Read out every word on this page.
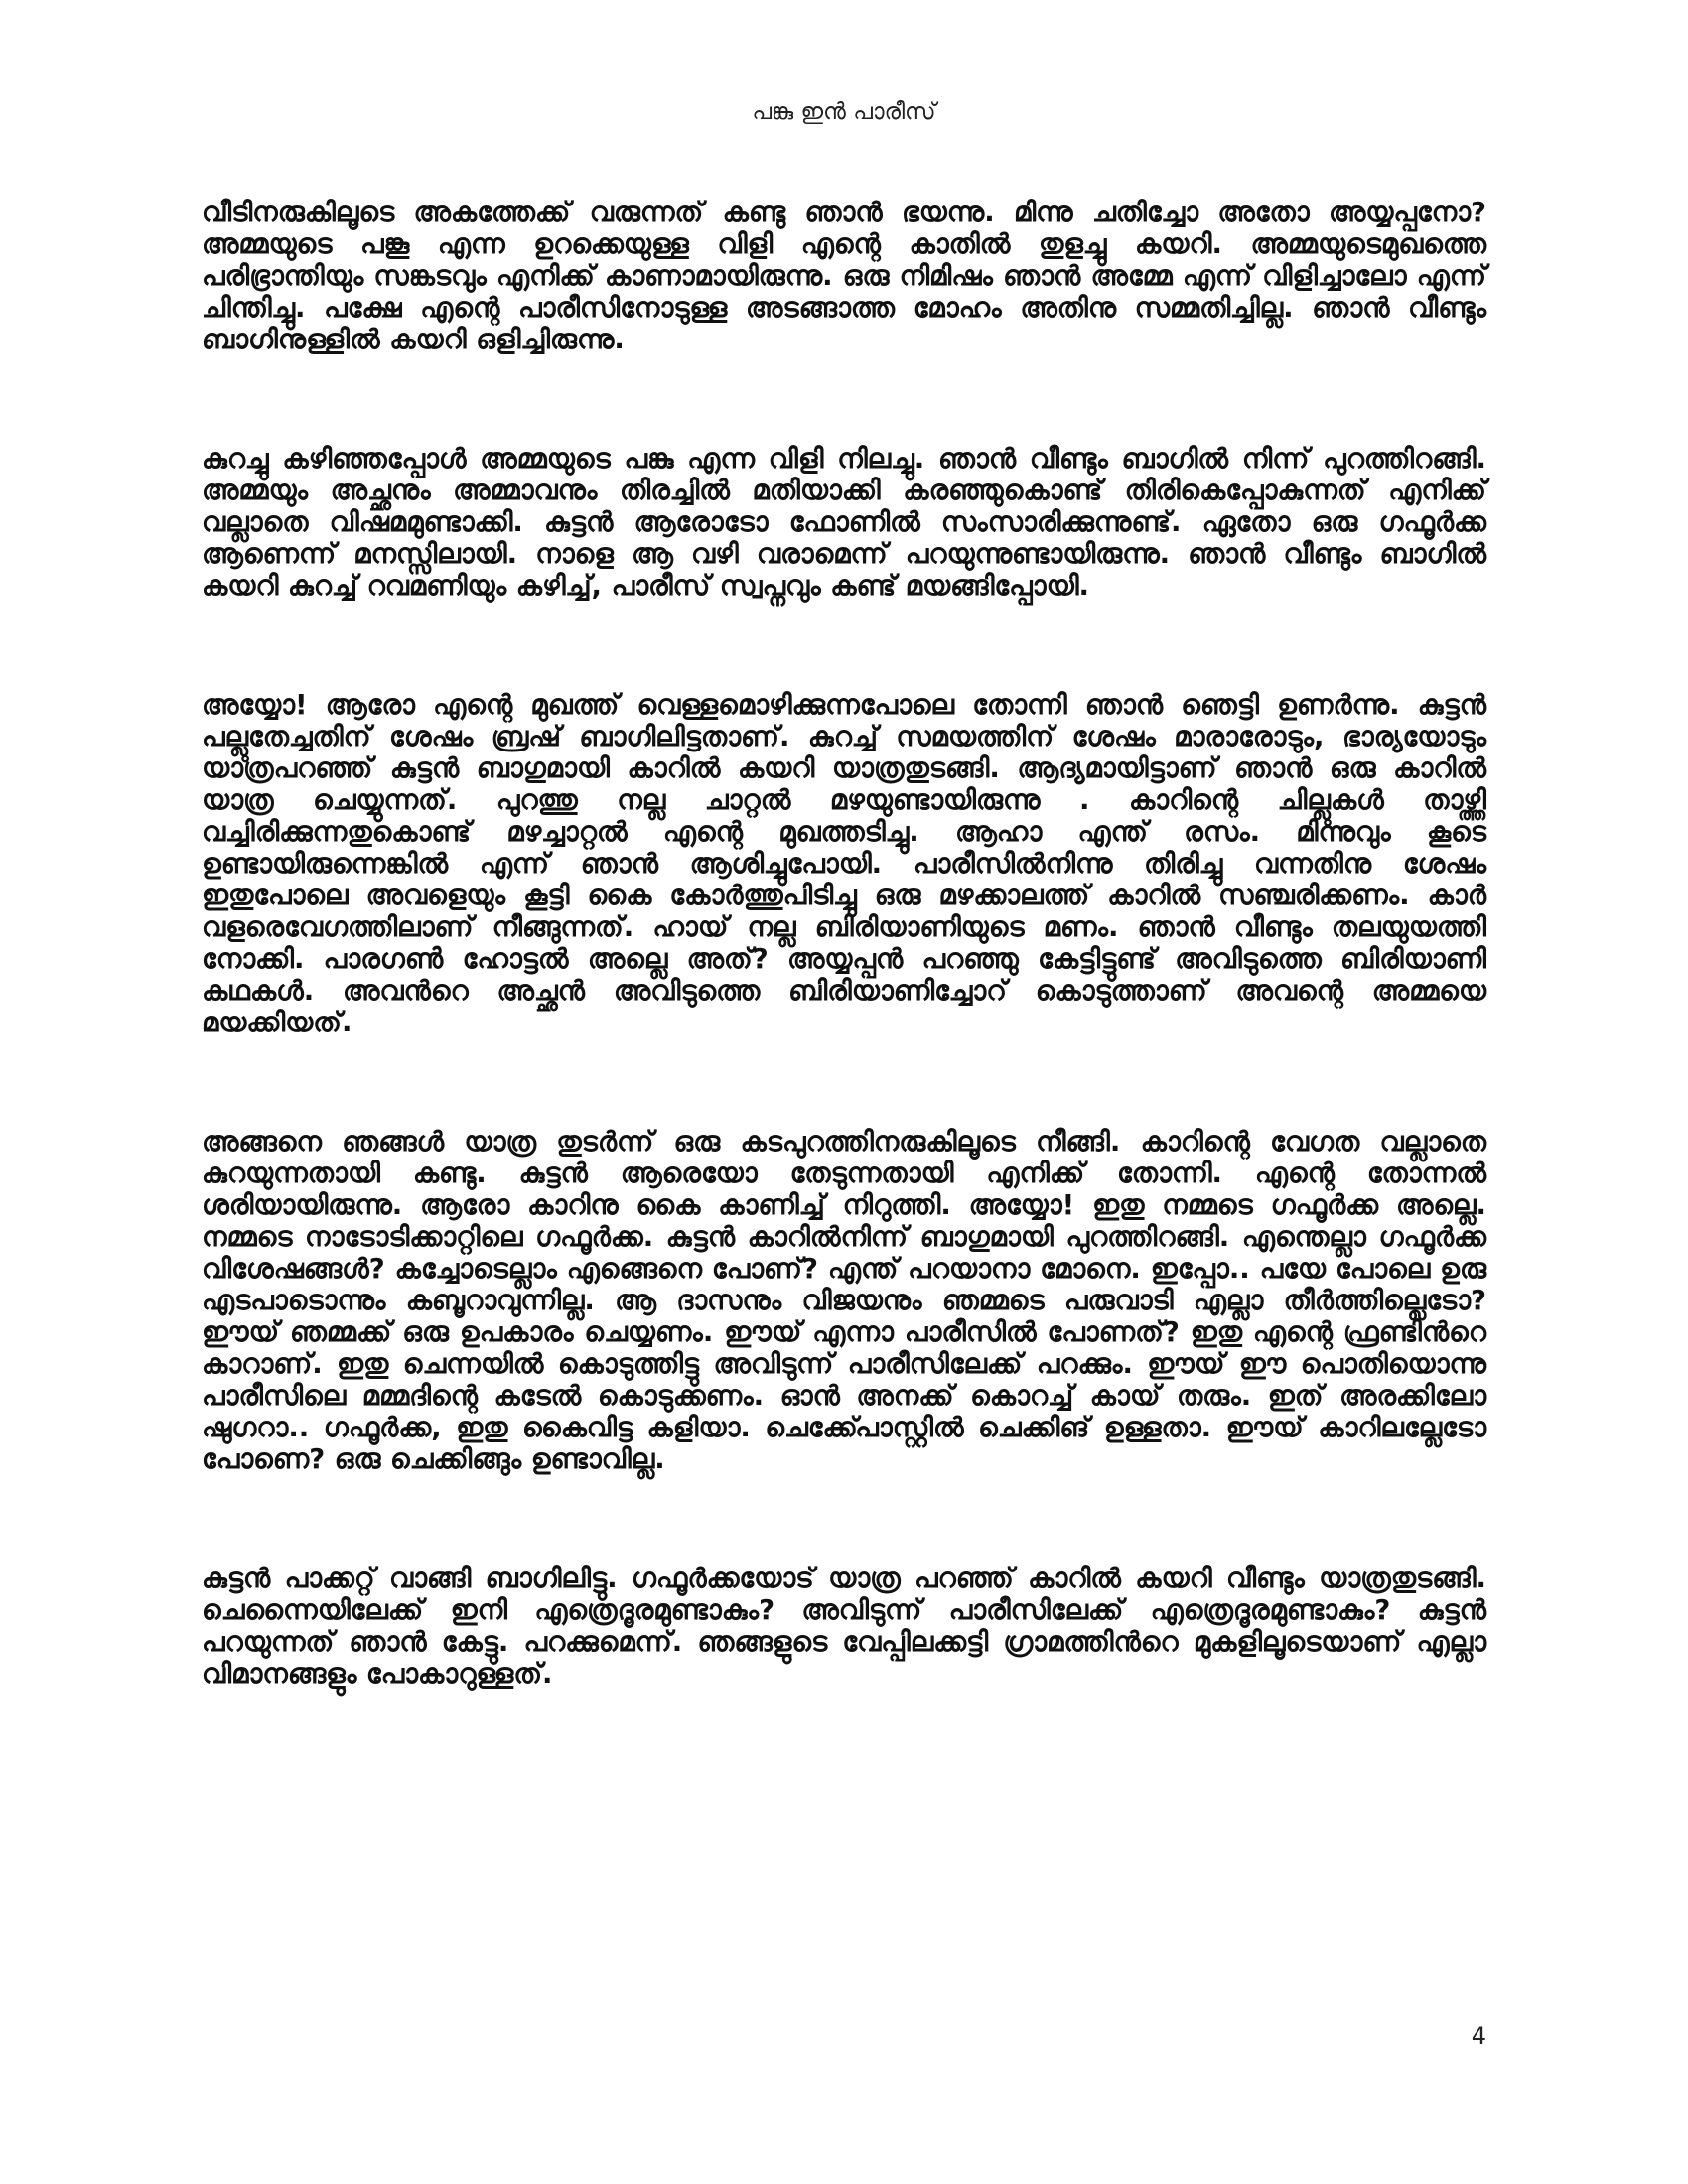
പങ്കു ഇൻ പാരീസ്

വീടിനരുകിലൂടെ അകത്തേക്ക് വരുന്നത് കണ്ടു ഞാൻ ഭയന്നു. മിന്നു ചതിച്ചോ അതോ അയ്യപ്പനോ? അമ്മയുടെ പങ്കൂ എന്ന ഉറക്കെയുള്ള വിളി എന്റെ കാതിൽ തുളച്ചു കയറി. അമ്മയുടെമുഖത്തെ പരിഭ്രാന്തിയും സങ്കടവും എനിക്ക് കാണാമായിരുന്നു. ഒരു നിമിഷം ഞാൻ അമ്മേ എന്ന് വിളിച്ചാലോ എന്ന് ചിന്തിച്ചു. പക്ഷേ എന്റെ പാരീസിനോടുള്ള അടങ്ങാത്ത മോഹം അതിനു സമ്മതിച്ചില്ല. ഞാൻ വീണ്ടും ബാഗിനുള്ളിൽ കയറി ഒളിച്ചിരുന്നു.

കുറച്ചു കഴിഞ്ഞപ്പോൾ അമ്മയുടെ പങ്കു എന്ന വിളി നിലച്ചു. ഞാൻ വീണ്ടും ബാഗിൽ നിന്ന് പുറത്തിറങ്ങി. അമ്മയും അച്ഛനും അമ്മാവനും തിരച്ചിൽ മതിയാക്കി കരഞ്ഞുകൊണ്ട് തിരികെപ്പോകുന്നത് എനിക്ക് വല്ലാതെ വിഷമമുണ്ടാക്കി. കുട്ടൻ ആരോടോ ഫോണിൽ സംസാരിക്കുന്നുണ്ട്. ഏതോ ഒരു ഗഫൂർക്ക ആണെന്ന് മനസ്സിലായി. നാളെ ആ വഴി വരാമെന്ന് പറയുന്നുണ്ടായിരുന്നു. ഞാൻ വീണ്ടും ബാഗിൽ കയറി കുറച്ച് റവമണിയും കഴിച്ച്, പാരീസ് സ്വപ്നവും കണ്ട് മയങ്ങിപ്പോയി.

അയ്യോ! ആരോ എന്റെ മുഖത്ത് വെള്ളമൊഴിക്കുന്നപോലെ തോന്നി ഞാൻ ഞെട്ടി ഉണർന്നു. കുട്ടൻ പല്ലുതേച്ചതിന് ശേഷം ബ്രഷ് ബാഗിലിട്ടതാണ്. കുറച്ച് സമയത്തിന് ശേഷം മാരാരോടും, ഭാര്യയോടും യാത്രപറഞ്ഞ് കുട്ടൻ ബാഗുമായി കാറിൽ കയറി യാത്രതുടങ്ങി. ആദ്യമായിട്ടാണ് ഞാൻ ഒരു കാറിൽ യാത്ര ചെയ്യുന്നത്. പുറത്തു നല്ല ചാറ്റൽ മഴയുണ്ടായിരുന്നു . കാറിന്റെ ചില്ലുകൾ താഴ്ത്തി വച്ചിരിക്കുന്നതുകൊണ്ട് മഴച്ചാറ്റൽ എന്റെ മുഖത്തടിച്ചു. ആഹാ എന്ത് രസം. മിന്നുവും കൂടെ ഉണ്ടായിരുന്നെങ്കിൽ എന്ന് ഞാൻ ആശിച്ചുപോയി. പാരീസിൽനിന്നു തിരിച്ചു വന്നതിനു ശേഷം ഇതുപോലെ അവളെയും കൂട്ടി കൈ കോർത്തുപിടിച്ചു ഒരു മഴക്കാലത്ത് കാറിൽ സഞ്ചരിക്കണം. കാർ വളരെവേഗത്തിലാണ് നീങ്ങുന്നത്. ഹായ് നല്ല ബിരിയാണിയുടെ മണം. ഞാൻ വീണ്ടും തലയുയത്തി നോക്കി. പാരഗൺ ഹോട്ടൽ അല്ലെ അത്? അയ്യപ്പൻ പറഞ്ഞു കേട്ടിട്ടുണ്ട് അവിടുത്തെ ബിരിയാണി കഥകൾ. അവൻറെ അച്ഛൻ അവിടുത്തെ ബിരിയാണിച്ചോറ് കൊടുത്താണ് അവന്റെ അമ്മയെ മയക്കിയത്.

അങ്ങനെ ഞങ്ങൾ യാത്ര തുടർന്ന് ഒരു കടപുറത്തിനരുകിലൂടെ നീങ്ങി. കാറിന്റെ വേഗത വല്ലാതെ കുറയുന്നതായി കണ്ടു. കുട്ടൻ ആരെയോ തേടുന്നതായി എനിക്ക് തോന്നി. എന്റെ തോന്നൽ ശരിയായിരുന്നു. ആരോ കാറിനു കൈ കാണിച്ച് നിറുത്തി. അയ്യോ! ഇതു നമ്മടെ ഗഫൂർക്ക അല്ലെ. നമ്മടെ നാടോടിക്കാറ്റിലെ ഗഫൂർക്ക. കുട്ടൻ കാറിൽനിന്ന് ബാഗുമായി പുറത്തിറങ്ങി. എന്തെല്ലാ ഗഫൂർക്ക വിശേഷങ്ങൾ? കച്ചോടെല്ലാം എങ്ങെനെ പോണ്? എന്ത് പറയാനാ മോനെ. ഇപ്പോ.. പയേ പോലെ ഉരു എടപാടൊന്നും കബൂറാവുന്നില്ല. ആ ദാസനും വിജയനും ഞമ്മടെ പരുവാടി എല്ലാ തീർത്തില്ലെടോ? ഈയ് ഞമ്മക്ക് ഒരു ഉപകാരം ചെയ്യണം. ഈയ് എന്നാ പാരീസിൽ പോണത്? ഇതു എന്റെ ഫ്രണ്ടിൻറെ കാറാണ്. ഇതു ചെന്നയിൽ കൊടുത്തിട്ടു അവിടുന്ന് പാരീസിലേക്ക് പറക്കും. ഈയ് ഈ പൊതിയൊന്നു പാരീസിലെ മമ്മദിന്റെ കടേൽ കൊടുക്കണം. ഓൻ അനക്ക് കൊറച്ച് കായ് തരും. ഇത് അരക്കിലോ ഷുഗറാ.. ഗഫൂർക്ക, ഇതു കൈവിട്ട കളിയാ. ചെക്ക്പോസ്റ്റിൽ ചെക്കിങ് ഉള്ളതാ. ഈയ് കാറിലല്ലേടോ പോണെ? ഒരു ചെക്കിങ്ങും ഉണ്ടാവില്ല.

കുട്ടൻ പാക്കറ്റ് വാങ്ങി ബാഗിലിട്ടു. ഗഫൂർക്കയോട് യാത്ര പറഞ്ഞ് കാറിൽ കയറി വീണ്ടും യാത്രതുടങ്ങി. ചെന്നൈയിലേക്ക് ഇനി എത്രെദൂരമുണ്ടാകും? അവിടുന്ന് പാരീസിലേക്ക് എത്രെദൂരമുണ്ടാകും? കുട്ടൻ പറയുന്നത് ഞാൻ കേട്ടു. പറക്കുമെന്ന്. ഞങ്ങളുടെ വേപ്പിലക്കട്ടി ഗ്രാമത്തിൻറെ മുകളിലൂടെയാണ് എല്ലാ വിമാനങ്ങളും പോകാറുള്ളത്.

4
